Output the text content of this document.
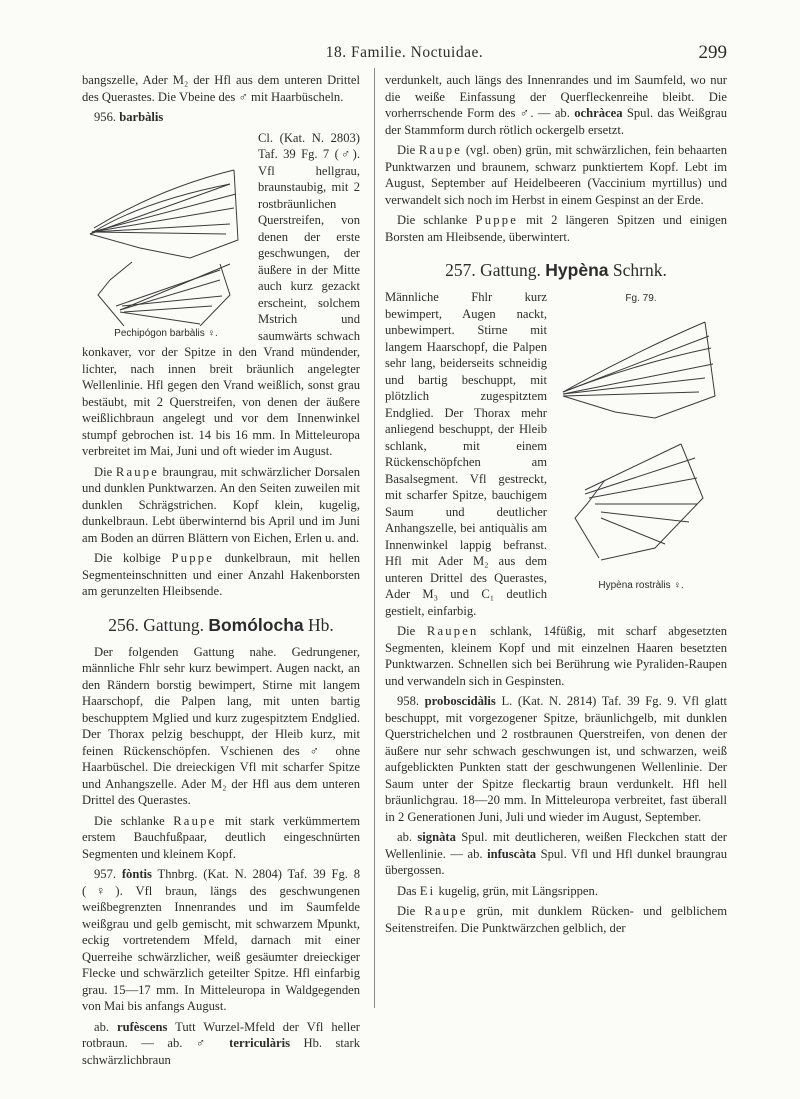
18. Familie. Noctuidae.	299

bangszelle, Ader M₂ der Hfl aus dem unteren Drittel des Querastes. Die Vbeine des ♂ mit Haarbüscheln.

956. barbàlis

Pechipógon barbàlis ♀.
Cl. (Kat. N. 2803) Taf. 39 Fg. 7 (♂). Vfl hellgrau, braunstaubig, mit 2 rostbräunlichen Querstreifen, von denen der erste geschwungen, der äußere in der Mitte auch kurz gezackt erscheint, solchem Mstrich und saumwärts schwach konkaver, vor der Spitze in den Vrand mündender, lichter, nach innen breit bräunlich angelegter Wellenlinie. Hfl gegen den Vrand weißlich, sonst grau bestäubt, mit 2 Querstreifen, von denen der äußere weißlichbraun angelegt und vor dem Innenwinkel stumpf gebrochen ist. 14 bis 16 mm. In Mitteleuropa verbreitet im Mai, Juni und oft wieder im August.

Die Raupe braungrau, mit schwärzlicher Dorsalen und dunklen Punktwarzen. An den Seiten zuweilen mit dunklen Schrägstrichen. Kopf klein, kugelig, dunkelbraun. Lebt überwinternd bis April und im Juni am Boden an dürren Blättern von Eichen, Erlen u. and.

Die kolbige Puppe dunkelbraun, mit hellen Segmenteinschnitten und einer Anzahl Hakenborsten am gerunzelten Hleibsende.

256. Gattung. Bomólocha Hb.

Der folgenden Gattung nahe. Gedrungener, männliche Fhlr sehr kurz bewimpert. Augen nackt, an den Rändern borstig bewimpert, Stirne mit langem Haarschopf, die Palpen lang, mit unten bartig beschupptem Mglied und kurz zugespitztem Endglied. Der Thorax pelzig beschuppt, der Hleib kurz, mit feinen Rückenschöpfen. Vschienen des ♂ ohne Haarbüschel. Die dreieckigen Vfl mit scharfer Spitze und Anhangszelle. Ader M₂ der Hfl aus dem unteren Drittel des Querastes.

Die schlanke Raupe mit stark verkümmertem erstem Bauchfußpaar, deutlich eingeschnürten Segmenten und kleinem Kopf.

957. fòntis Thnbrg. (Kat. N. 2804) Taf. 39 Fg. 8 (♀). Vfl braun, längs des geschwungenen weißbegrenzten Innenrandes und im Saumfelde weißgrau und gelb gemischt, mit schwarzem Mpunkt, eckig vortretendem Mfeld, darnach mit einer Querreihe schwärzlicher, weiß gesäumter dreieckiger Flecke und schwärzlich geteilter Spitze. Hfl einfarbig grau. 15—17 mm. In Mitteleuropa in Waldgegenden von Mai bis anfangs August.

ab. rufèscens Tutt Wurzel-Mfeld der Vfl heller rotbraun. — ab. ♂ terriculàris Hb. stark schwärzlichbraun

verdunkelt, auch längs des Innenrandes und im Saumfeld, wo nur die weiße Einfassung der Querfleckenreihe bleibt. Die vorherrschende Form des ♂. — ab. ochràcea Spul. das Weißgrau der Stammform durch rötlich ockergelb ersetzt.

Die Raupe (vgl. oben) grün, mit schwärzlichen, fein behaarten Punktwarzen und braunem, schwarz punktiertem Kopf. Lebt im August, September auf Heidelbeeren (Vaccinium myrtillus) und verwandelt sich noch im Herbst in einem Gespinst an der Erde.

Die schlanke Puppe mit 2 längeren Spitzen und einigen Borsten am Hleibsende, überwintert.

257. Gattung. Hypèna Schrnk.

Fg. 79.
Hypèna rostràlis ♀.
Männliche Fhlr kurz bewimpert, Augen nackt, unbewimpert. Stirne mit langem Haarschopf, die Palpen sehr lang, beiderseits schneidig und bartig beschuppt, mit plötzlich zugespitztem Endglied. Der Thorax mehr anliegend beschuppt, der Hleib schlank, mit einem Rückenschöpfchen am Basalsegment. Vfl gestreckt, mit scharfer Spitze, bauchigem Saum und deutlicher Anhangszelle, bei antiquàlis am Innenwinkel lappig befranst. Hfl mit Ader M₂ aus dem unteren Drittel des Querastes, Ader M₃ und C₁ deutlich gestielt, einfarbig.

Die Raupen schlank, 14füßig, mit scharf abgesetzten Segmenten, kleinem Kopf und mit einzelnen Haaren besetzten Punktwarzen. Schnellen sich bei Berührung wie Pyraliden-Raupen und verwandeln sich in Gespinsten.

958. proboscidàlis L. (Kat. N. 2814) Taf. 39 Fg. 9. Vfl glatt beschuppt, mit vorgezogener Spitze, bräunlichgelb, mit dunklen Querstrichelchen und 2 rostbraunen Querstreifen, von denen der äußere nur sehr schwach geschwungen ist, und schwarzen, weiß aufgeblickten Punkten statt der geschwungenen Wellenlinie. Der Saum unter der Spitze fleckartig braun verdunkelt. Hfl hell bräunlichgrau. 18—20 mm. In Mitteleuropa verbreitet, fast überall in 2 Generationen Juni, Juli und wieder im August, September.

ab. signàta Spul. mit deutlicheren, weißen Fleckchen statt der Wellenlinie. — ab. infuscàta Spul. Vfl und Hfl dunkel braungrau übergossen.

Das Ei kugelig, grün, mit Längsrippen.

Die Raupe grün, mit dunklem Rücken- und gelblichem Seitenstreifen. Die Punktwärzchen gelblich, der
